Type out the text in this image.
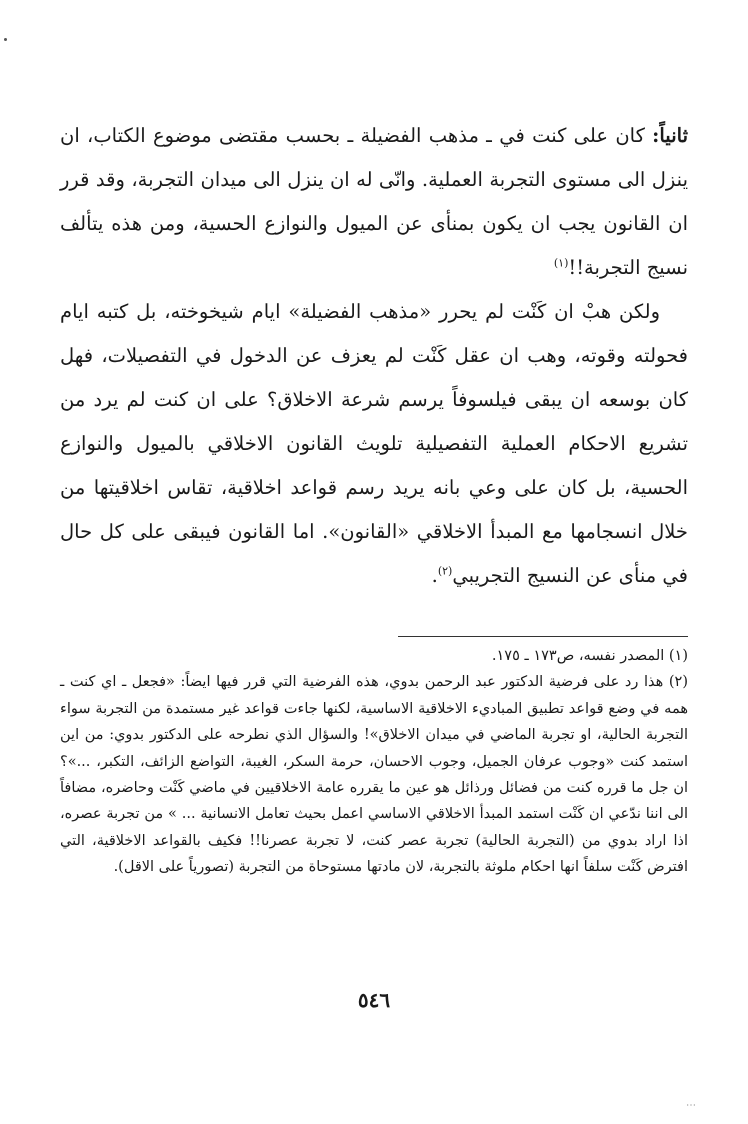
ثانياً: كان على كنت في ـ مذهب الفضيلة ـ بحسب مقتضى موضوع الكتاب، ان ينزل الى مستوى التجربة العملية. وانّى له ان ينزل الى ميدان التجربة، وقد قرر ان القانون يجب ان يكون بمنأى عن الميول والنوازع الحسية، ومن هذه يتألف نسيج التجربة!!$^{(١)}$

ولكن هبْ ان كَنْت لم يحرر «مذهب الفضيلة» ايام شيخوخته، بل كتبه ايام فحولته وقوته، وهب ان عقل كَنْت لم يعزف عن الدخول في التفصيلات، فهل كان بوسعه ان يبقى فيلسوفاً يرسم شرعة الاخلاق؟ على ان كنت لم يرد من تشريع الاحكام العملية التفصيلية تلويث القانون الاخلاقي بالميول والنوازع الحسية، بل كان على وعي بانه يريد رسم قواعد اخلاقية، تقاس اخلاقيتها من خلال انسجامها مع المبدأ الاخلاقي «القانون». اما القانون فيبقى على كل حال في منأى عن النسيج التجريبي$^{(٢)}$.

(١) المصدر نفسه، ص١٧٣ ـ ١٧٥.

(٢) هذا رد على فرضية الدكتور عبد الرحمن بدوي، هذه الفرضية التي قرر فيها ايضاً: «فجعل ـ اي كنت ـ همه في وضع قواعد تطبيق المباديء الاخلاقية الاساسية، لكنها جاءت قواعد غير مستمدة من التجربة سواء التجربة الحالية، او تجربة الماضي في ميدان الاخلاق»! والسؤال الذي نطرحه على الدكتور بدوي: من اين استمد كنت «وجوب عرفان الجميل، وجوب الاحسان، حرمة السكر، الغيبة، التواضع الزائف، التكبر، ...»؟ ان جل ما قرره كنت من فضائل ورذائل هو عين ما يقرره عامة الاخلاقيين في ماضي كَنْت وحاضره، مضافاً الى اننا ندّعي ان كَنْت استمد المبدأ الاخلاقي الاساسي اعمل بحيث تعامل الانسانية ... » من تجربة عصره، اذا اراد بدوي من (التجربة الحالية) تجربة عصر كنت، لا تجربة عصرنا!! فكيف بالقواعد الاخلاقية، التي افترض كَنْت سلفاً انها احكام ملوثة بالتجربة، لان مادتها مستوحاة من التجربة (تصورياً على الاقل).

٥٤٦
⋯
